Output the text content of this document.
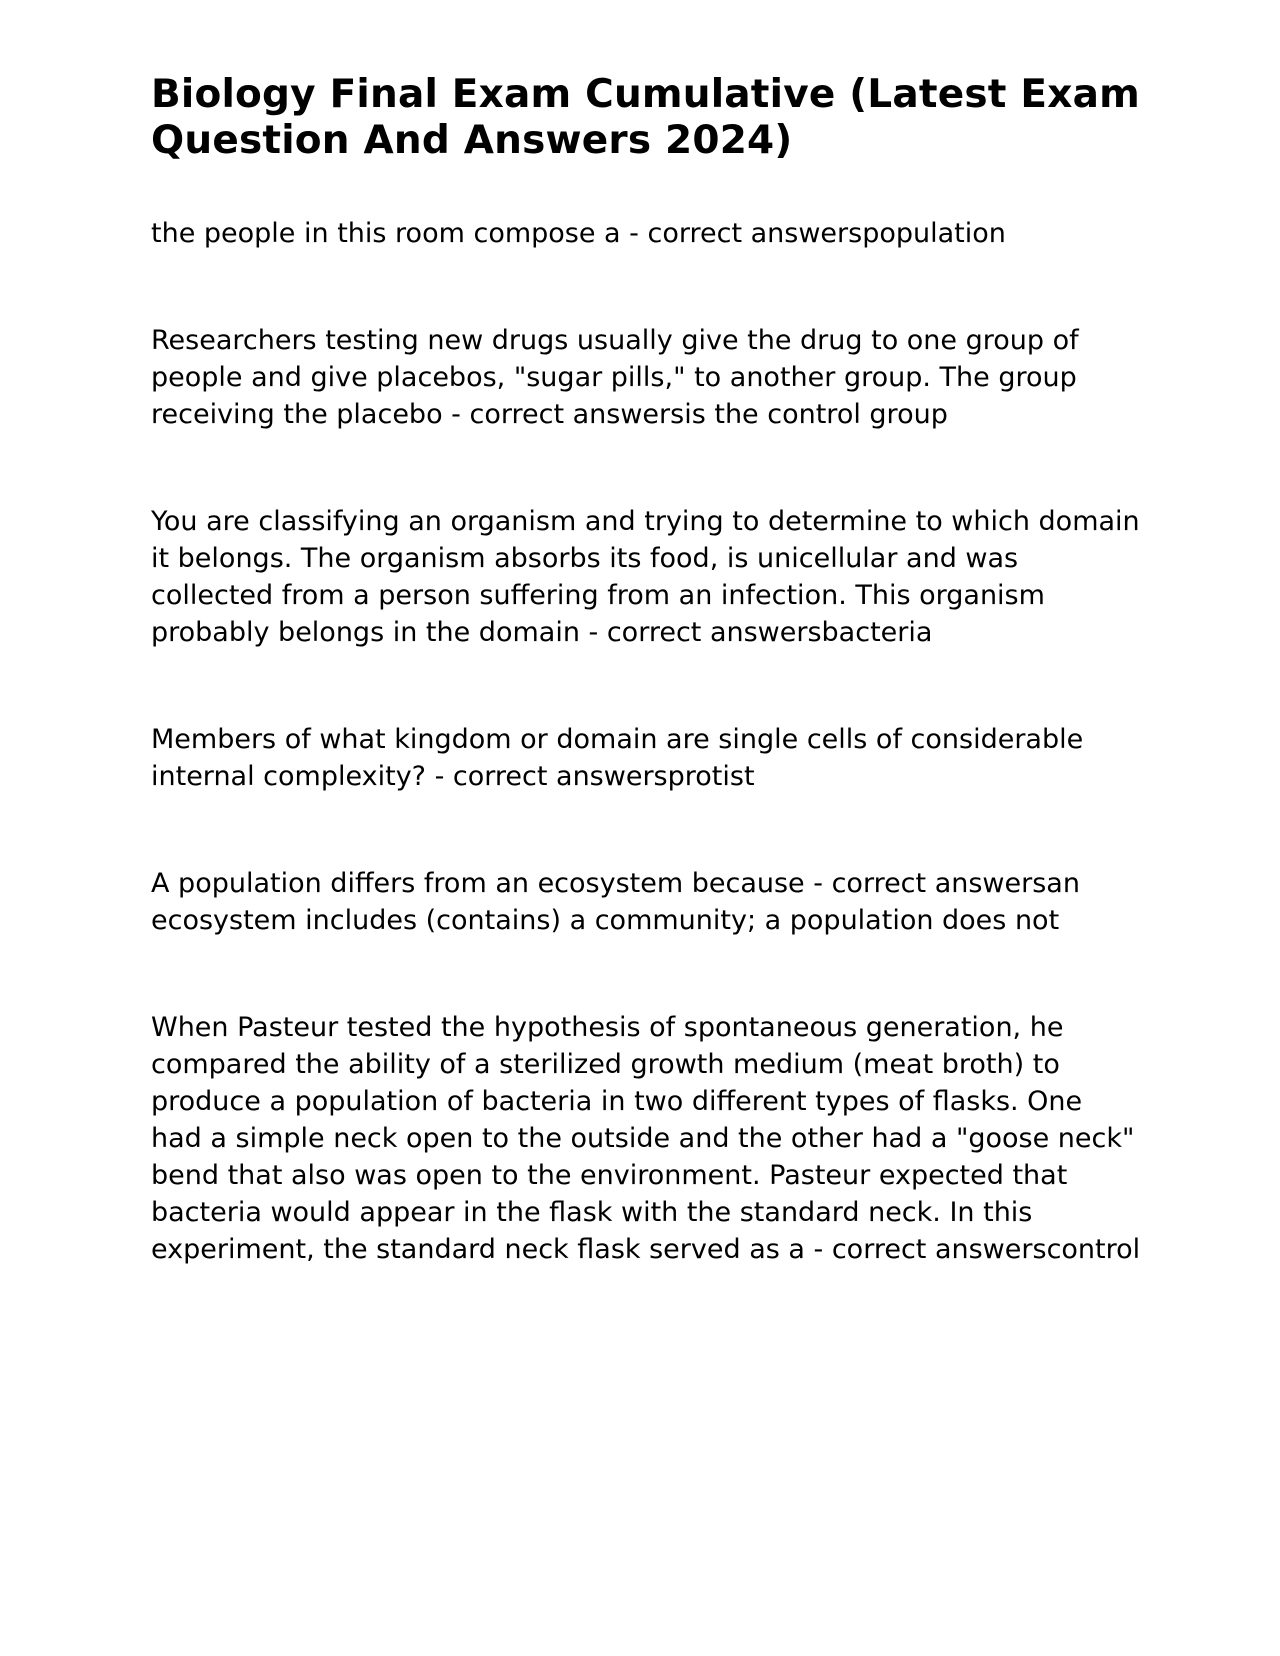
Biology Final Exam Cumulative (Latest Exam Question And Answers 2024)

the people in this room compose a - correct answerspopulation

Researchers testing new drugs usually give the drug to one group of people and give placebos, "sugar pills," to another group. The group receiving the placebo - correct answersis the control group

You are classifying an organism and trying to determine to which domain it belongs. The organism absorbs its food, is unicellular and was collected from a person suffering from an infection. This organism probably belongs in the domain - correct answersbacteria

Members of what kingdom or domain are single cells of considerable internal complexity? - correct answersprotist

A population differs from an ecosystem because - correct answersan ecosystem includes (contains) a community; a population does not

When Pasteur tested the hypothesis of spontaneous generation, he compared the ability of a sterilized growth medium (meat broth) to produce a population of bacteria in two different types of flasks. One had a simple neck open to the outside and the other had a "goose neck" bend that also was open to the environment. Pasteur expected that bacteria would appear in the flask with the standard neck. In this experiment, the standard neck flask served as a - correct answerscontrol
